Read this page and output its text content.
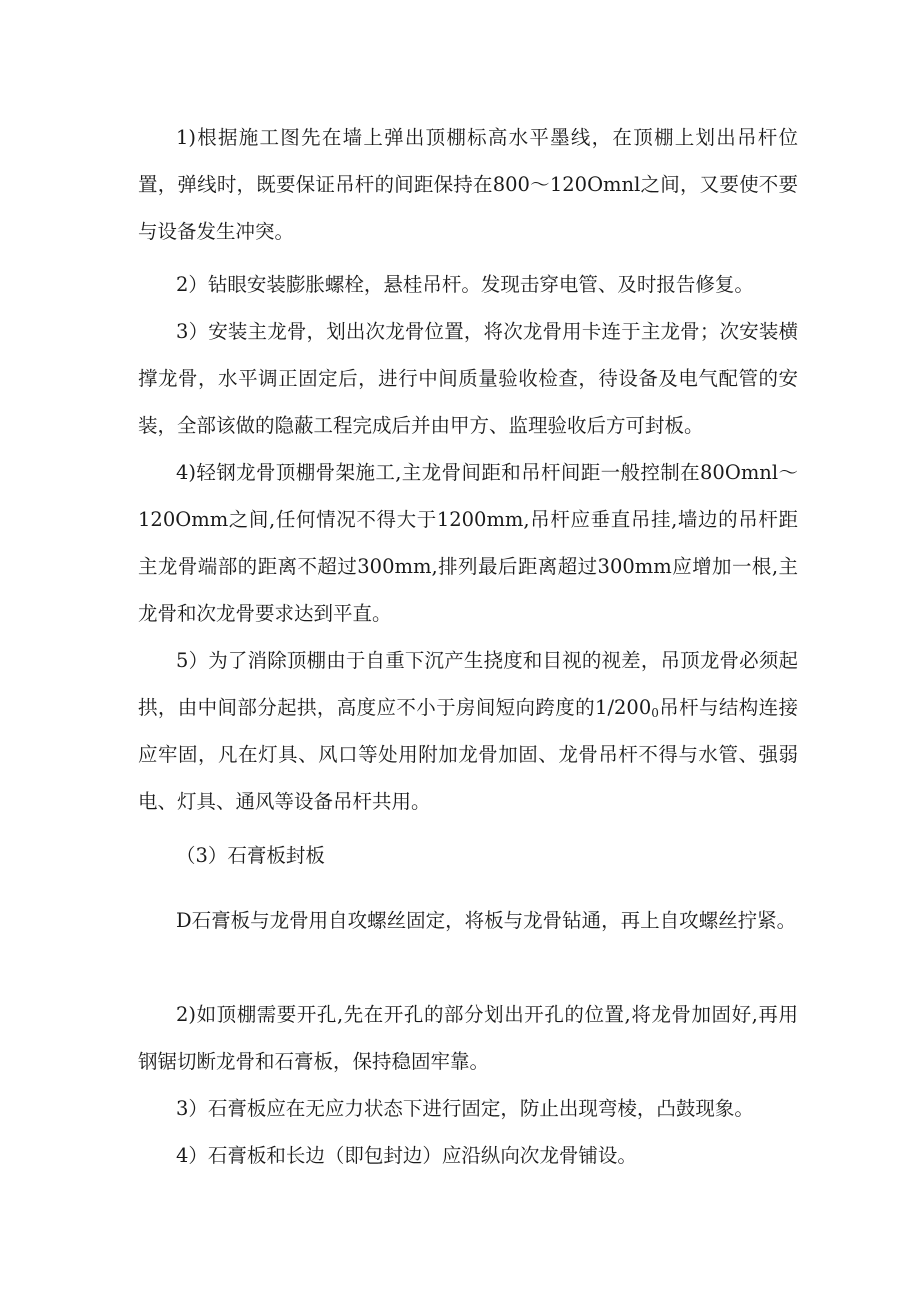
1)根据施工图先在墙上弹出顶棚标高水平墨线，在顶棚上划出吊杆位置，弹线时，既要保证吊杆的间距保持在800～120Omnl之间，又要使不要与设备发生冲突。

2）钻眼安装膨胀螺栓，悬桂吊杆。发现击穿电管、及时报告修复。

3）安装主龙骨，划出次龙骨位置，将次龙骨用卡连于主龙骨；次安装横撑龙骨，水平调正固定后，进行中间质量验收检查，待设备及电气配管的安装，全部该做的隐蔽工程完成后并由甲方、监理验收后方可封板。

4)轻钢龙骨顶棚骨架施工,主龙骨间距和吊杆间距一般控制在80Omnl～120Omm之间,任何情况不得大于1200mm,吊杆应垂直吊挂,墙边的吊杆距主龙骨端部的距离不超过300mm,排列最后距离超过300mm应增加一根,主龙骨和次龙骨要求达到平直。

5）为了消除顶棚由于自重下沉产生挠度和目视的视差，吊顶龙骨必须起拱，由中间部分起拱，高度应不小于房间短向跨度的$1/200_0$吊杆与结构连接应牢固，凡在灯具、风口等处用附加龙骨加固、龙骨吊杆不得与水管、强弱电、灯具、通风等设备吊杆共用。

（3）石膏板封板

D石膏板与龙骨用自攻螺丝固定，将板与龙骨钻通，再上自攻螺丝拧紧。

2)如顶棚需要开孔,先在开孔的部分划出开孔的位置,将龙骨加固好,再用钢锯切断龙骨和石膏板，保持稳固牢靠。

3）石膏板应在无应力状态下进行固定，防止出现弯棱，凸鼓现象。

4）石膏板和长边（即包封边）应沿纵向次龙骨铺设。
